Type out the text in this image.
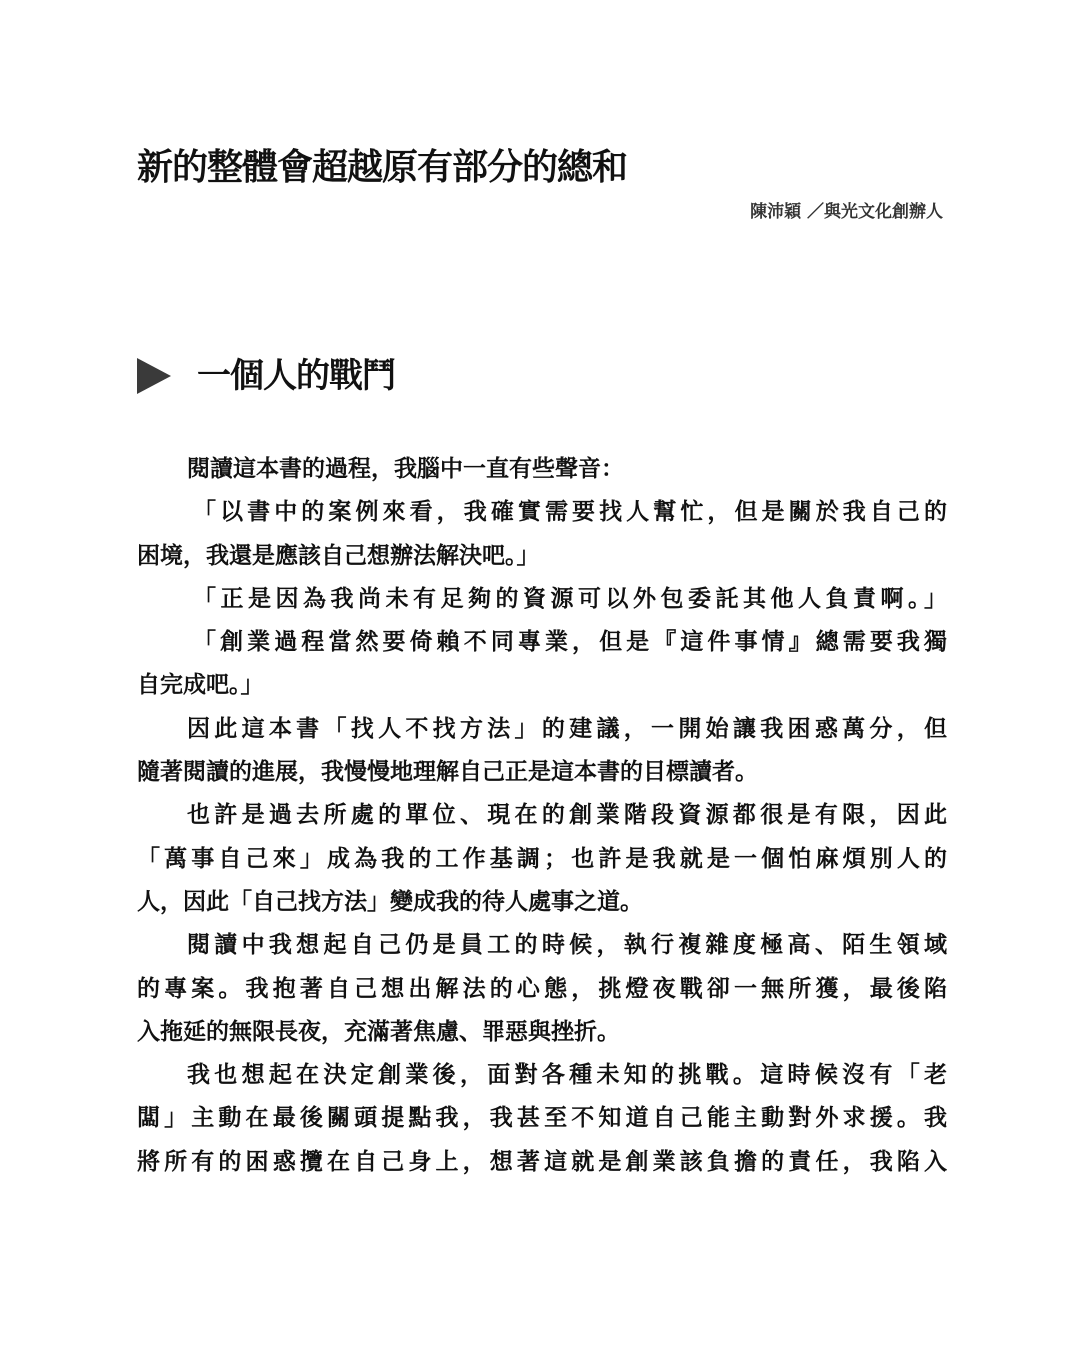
新的整體會超越原有部分的總和
陳沛穎 ／與光文化創辦人
一個人的戰鬥
閱讀這本書的過程，我腦中一直有些聲音：
「以書中的案例來看，我確實需要找人幫忙，但是關於我自己的
困境，我還是應該自己想辦法解決吧。」
「正是因為我尚未有足夠的資源可以外包委託其他人負責啊。」
「創業過程當然要倚賴不同專業，但是『這件事情』總需要我獨
自完成吧。」
因此這本書「找人不找方法」的建議，一開始讓我困惑萬分，但
隨著閱讀的進展，我慢慢地理解自己正是這本書的目標讀者。
也許是過去所處的單位、現在的創業階段資源都很是有限，因此
「萬事自己來」成為我的工作基調；也許是我就是一個怕麻煩別人的
人，因此「自己找方法」變成我的待人處事之道。
閱讀中我想起自己仍是員工的時候，執行複雜度極高、陌生領域
的專案。我抱著自己想出解法的心態，挑燈夜戰卻一無所獲，最後陷
入拖延的無限長夜，充滿著焦慮、罪惡與挫折。
我也想起在決定創業後，面對各種未知的挑戰。這時候沒有「老
闆」主動在最後關頭提點我，我甚至不知道自己能主動對外求援。我
將所有的困惑攬在自己身上，想著這就是創業該負擔的責任，我陷入
